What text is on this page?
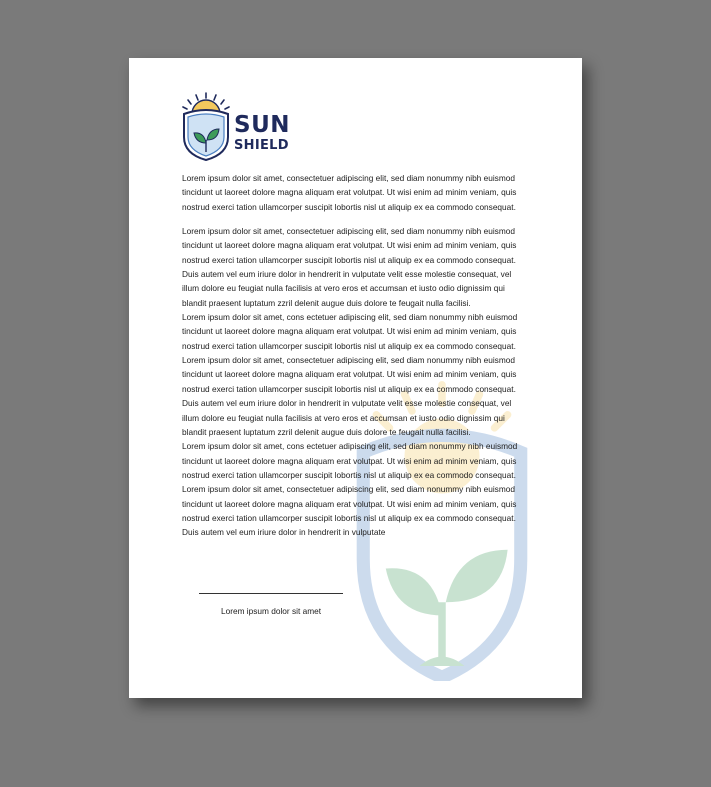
SUN
SHIELD

Lorem ipsum dolor sit amet, consectetuer adipiscing elit, sed diam nonummy nibh euismod
tincidunt ut laoreet dolore magna aliquam erat volutpat. Ut wisi enim ad minim veniam, quis
nostrud exerci tation ullamcorper suscipit lobortis nisl ut aliquip ex ea commodo consequat.

Lorem ipsum dolor sit amet, consectetuer adipiscing elit, sed diam nonummy nibh euismod
tincidunt ut laoreet dolore magna aliquam erat volutpat. Ut wisi enim ad minim veniam, quis
nostrud exerci tation ullamcorper suscipit lobortis nisl ut aliquip ex ea commodo consequat.
Duis autem vel eum iriure dolor in hendrerit in vulputate velit esse molestie consequat, vel
illum dolore eu feugiat nulla facilisis at vero eros et accumsan et iusto odio dignissim qui
blandit praesent luptatum zzril delenit augue duis dolore te feugait nulla facilisi.
Lorem ipsum dolor sit amet, cons ectetuer adipiscing elit, sed diam nonummy nibh euismod
tincidunt ut laoreet dolore magna aliquam erat volutpat. Ut wisi enim ad minim veniam, quis
nostrud exerci tation ullamcorper suscipit lobortis nisl ut aliquip ex ea commodo consequat.
Lorem ipsum dolor sit amet, consectetuer adipiscing elit, sed diam nonummy nibh euismod
tincidunt ut laoreet dolore magna aliquam erat volutpat. Ut wisi enim ad minim veniam, quis
nostrud exerci tation ullamcorper suscipit lobortis nisl ut aliquip ex ea commodo consequat.
Duis autem vel eum iriure dolor in hendrerit in vulputate velit esse molestie consequat, vel
illum dolore eu feugiat nulla facilisis at vero eros et accumsan et iusto odio dignissim qui
blandit praesent luptatum zzril delenit augue duis dolore te feugait nulla facilisi.
Lorem ipsum dolor sit amet, cons ectetuer adipiscing elit, sed diam nonummy nibh euismod
tincidunt ut laoreet dolore magna aliquam erat volutpat. Ut wisi enim ad minim veniam, quis
nostrud exerci tation ullamcorper suscipit lobortis nisl ut aliquip ex ea commodo consequat.
Lorem ipsum dolor sit amet, consectetuer adipiscing elit, sed diam nonummy nibh euismod
tincidunt ut laoreet dolore magna aliquam erat volutpat. Ut wisi enim ad minim veniam, quis
nostrud exerci tation ullamcorper suscipit lobortis nisl ut aliquip ex ea commodo consequat.
Duis autem vel eum iriure dolor in hendrerit in vulputate

Lorem ipsum dolor sit amet
